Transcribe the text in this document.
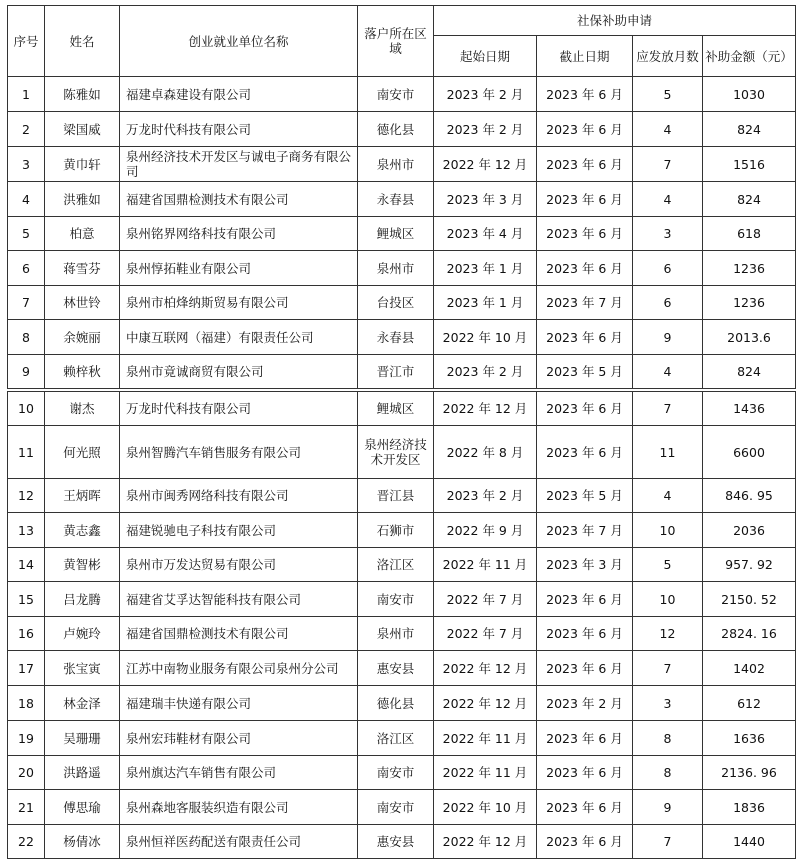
序号	姓名	创业就业单位名称	落户所在区域	社保补助申请			
				起始日期	截止日期	应发放月数	补助金额（元）
1	陈雅如	福建卓森建设有限公司	南安市	2023 年 2 月	2023 年 6 月	5	1030
2	梁国威	万龙时代科技有限公司	德化县	2023 年 2 月	2023 年 6 月	4	824
3	黄巾轩	泉州经济技术开发区与诚电子商务有限公司	泉州市	2022 年 12 月	2023 年 6 月	7	1516
4	洪雅如	福建省国鼎检测技术有限公司	永春县	2023 年 3 月	2023 年 6 月	4	824
5	柏意	泉州铭界网络科技有限公司	鲤城区	2023 年 4 月	2023 年 6 月	3	618
6	蒋雪芬	泉州惇拓鞋业有限公司	泉州市	2023 年 1 月	2023 年 6 月	6	1236
7	林世铃	泉州市柏烽纳斯贸易有限公司	台投区	2023 年 1 月	2023 年 7 月	6	1236
8	余婉丽	中康互联网（福建）有限责任公司	永春县	2022 年 10 月	2023 年 6 月	9	2013.6
9	赖梓秋	泉州市竟诚商贸有限公司	晋江市	2023 年 2 月	2023 年 5 月	4	824
10	谢杰	万龙时代科技有限公司	鲤城区	2022 年 12 月	2023 年 6 月	7	1436
11	何光照	泉州智腾汽车销售服务有限公司	泉州经济技术开发区	2022 年 8 月	2023 年 6 月	11	6600
12	王炳晖	泉州市闽秀网络科技有限公司	晋江县	2023 年 2 月	2023 年 5 月	4	846. 95
13	黄志鑫	福建锐驰电子科技有限公司	石狮市	2022 年 9 月	2023 年 7 月	10	2036
14	黄智彬	泉州市万发达贸易有限公司	洛江区	2022 年 11 月	2023 年 3 月	5	957. 92
15	吕龙腾	福建省艾孚达智能科技有限公司	南安市	2022 年 7 月	2023 年 6 月	10	2150. 52
16	卢婉玲	福建省国鼎检测技术有限公司	泉州市	2022 年 7 月	2023 年 6 月	12	2824. 16
17	张宝寅	江苏中南物业服务有限公司泉州分公司	惠安县	2022 年 12 月	2023 年 6 月	7	1402
18	林金泽	福建瑞丰快递有限公司	德化县	2022 年 12 月	2023 年 2 月	3	612
19	吴珊珊	泉州宏玮鞋材有限公司	洛江区	2022 年 11 月	2023 年 6 月	8	1636
20	洪路遥	泉州旗达汽车销售有限公司	南安市	2022 年 11 月	2023 年 6 月	8	2136. 96
21	傅思瑜	泉州森地客服装织造有限公司	南安市	2022 年 10 月	2023 年 6 月	9	1836
22	杨倩冰	泉州恒祥医药配送有限责任公司	惠安县	2022 年 12 月	2023 年 6 月	7	1440
